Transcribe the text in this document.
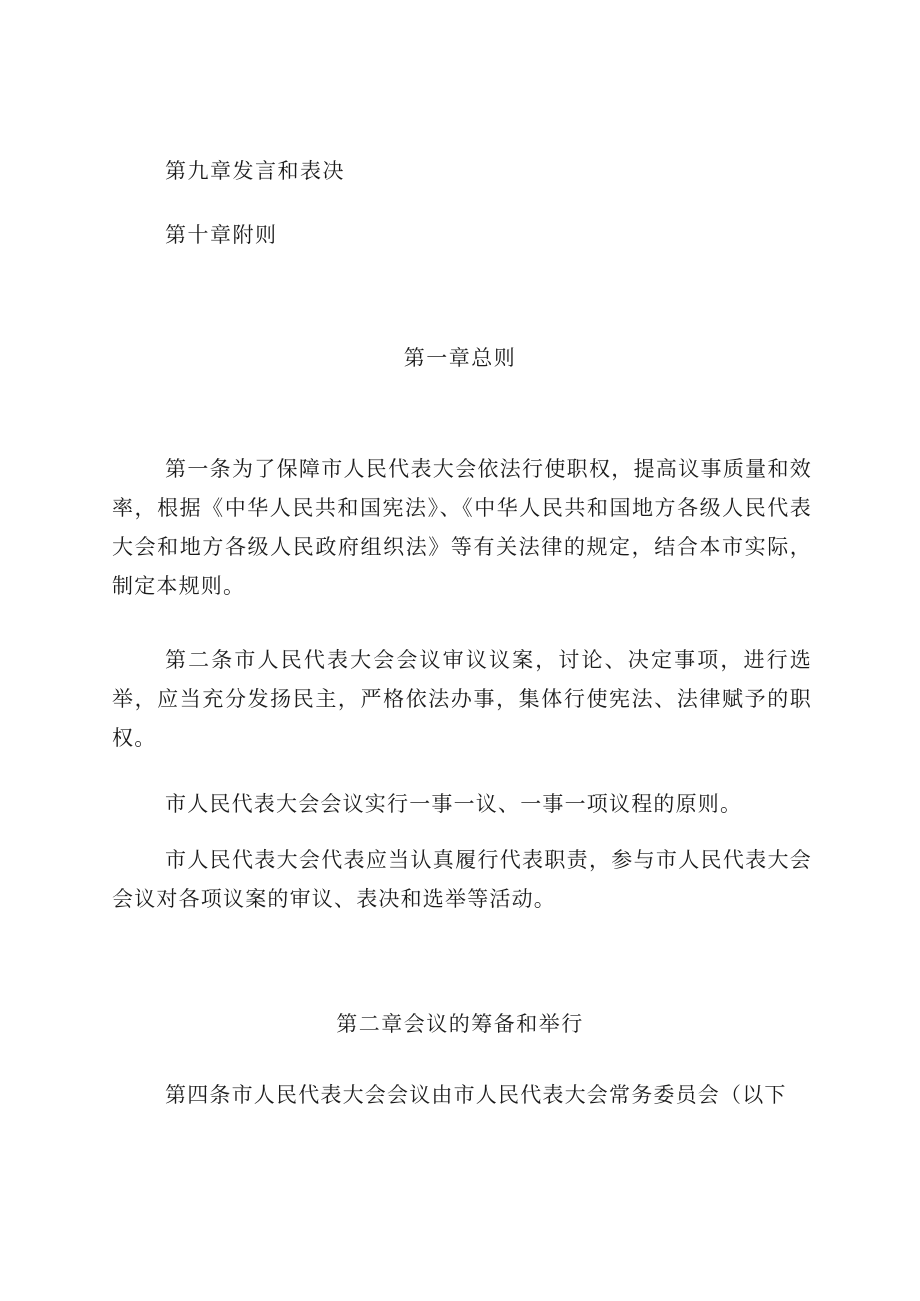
第九章发言和表决
第十章附则
第一章总则
第一条为了保障市人民代表大会依法行使职权，提高议事质量和效率，根据《中华人民共和国宪法》、《中华人民共和国地方各级人民代表大会和地方各级人民政府组织法》等有关法律的规定，结合本市实际，制定本规则。
第二条市人民代表大会会议审议议案，讨论、决定事项，进行选举，应当充分发扬民主，严格依法办事，集体行使宪法、法律赋予的职权。
市人民代表大会会议实行一事一议、一事一项议程的原则。
市人民代表大会代表应当认真履行代表职责，参与市人民代表大会会议对各项议案的审议、表决和选举等活动。
第二章会议的筹备和举行
第四条市人民代表大会会议由市人民代表大会常务委员会（以下
